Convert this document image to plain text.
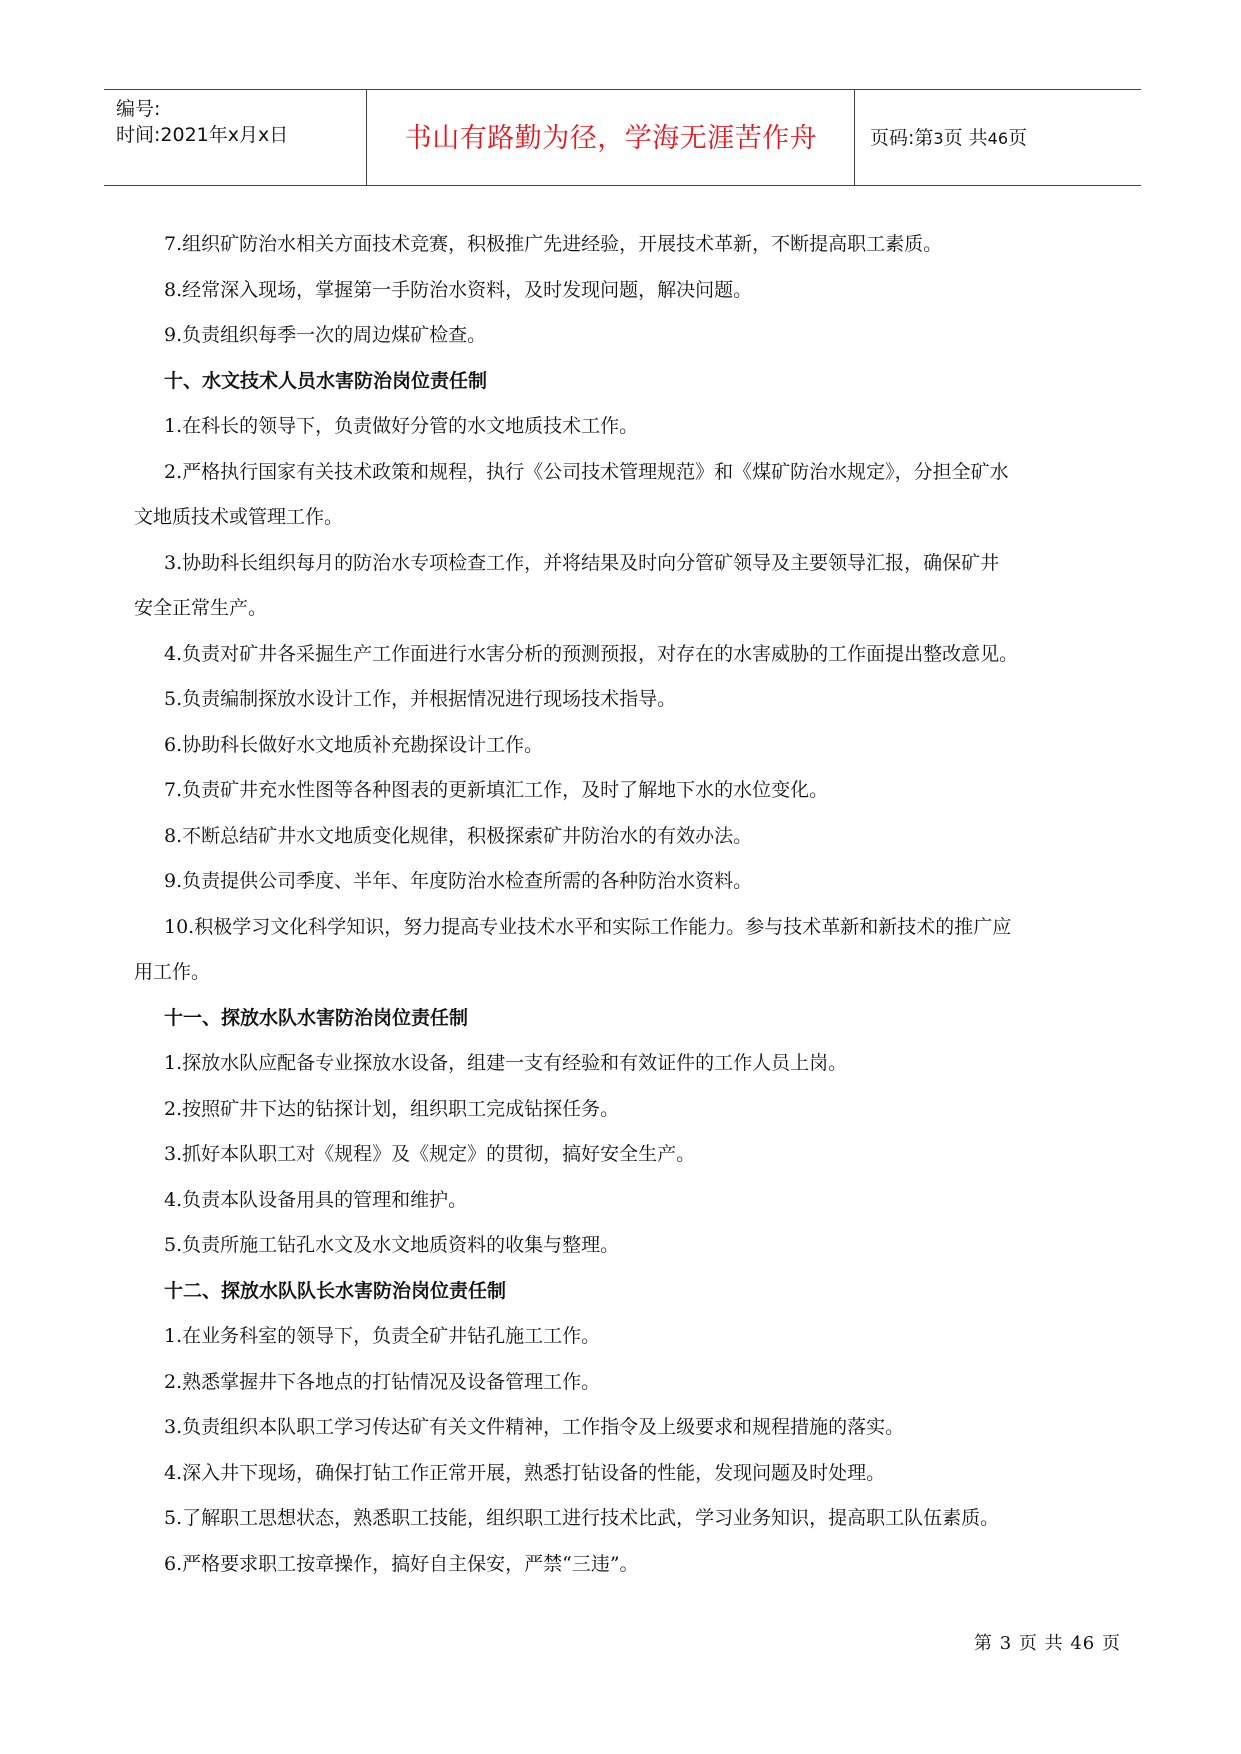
编号:
时间:2021年x月x日	书山有路勤为径，学海无涯苦作舟	页码:第3页 共46页
7.组织矿防治水相关方面技术竞赛，积极推广先进经验，开展技术革新，不断提高职工素质。
8.经常深入现场，掌握第一手防治水资料，及时发现问题，解决问题。
9.负责组织每季一次的周边煤矿检查。
十、水文技术人员水害防治岗位责任制
1.在科长的领导下，负责做好分管的水文地质技术工作。
2.严格执行国家有关技术政策和规程，执行《公司技术管理规范》和《煤矿防治水规定》，分担全矿水
文地质技术或管理工作。
3.协助科长组织每月的防治水专项检查工作，并将结果及时向分管矿领导及主要领导汇报，确保矿井
安全正常生产。
4.负责对矿井各采掘生产工作面进行水害分析的预测预报，对存在的水害威胁的工作面提出整改意见。
5.负责编制探放水设计工作，并根据情况进行现场技术指导。
6.协助科长做好水文地质补充勘探设计工作。
7.负责矿井充水性图等各种图表的更新填汇工作，及时了解地下水的水位变化。
8.不断总结矿井水文地质变化规律，积极探索矿井防治水的有效办法。
9.负责提供公司季度、半年、年度防治水检查所需的各种防治水资料。
10.积极学习文化科学知识，努力提高专业技术水平和实际工作能力。参与技术革新和新技术的推广应
用工作。
十一、探放水队水害防治岗位责任制
1.探放水队应配备专业探放水设备，组建一支有经验和有效证件的工作人员上岗。
2.按照矿井下达的钻探计划，组织职工完成钻探任务。
3.抓好本队职工对《规程》及《规定》的贯彻，搞好安全生产。
4.负责本队设备用具的管理和维护。
5.负责所施工钻孔水文及水文地质资料的收集与整理。
十二、探放水队队长水害防治岗位责任制
1.在业务科室的领导下，负责全矿井钻孔施工工作。
2.熟悉掌握井下各地点的打钻情况及设备管理工作。
3.负责组织本队职工学习传达矿有关文件精神，工作指令及上级要求和规程措施的落实。
4.深入井下现场，确保打钻工作正常开展，熟悉打钻设备的性能，发现问题及时处理。
5.了解职工思想状态，熟悉职工技能，组织职工进行技术比武，学习业务知识，提高职工队伍素质。
6.严格要求职工按章操作，搞好自主保安，严禁“三违”。
第 3 页 共 46 页
